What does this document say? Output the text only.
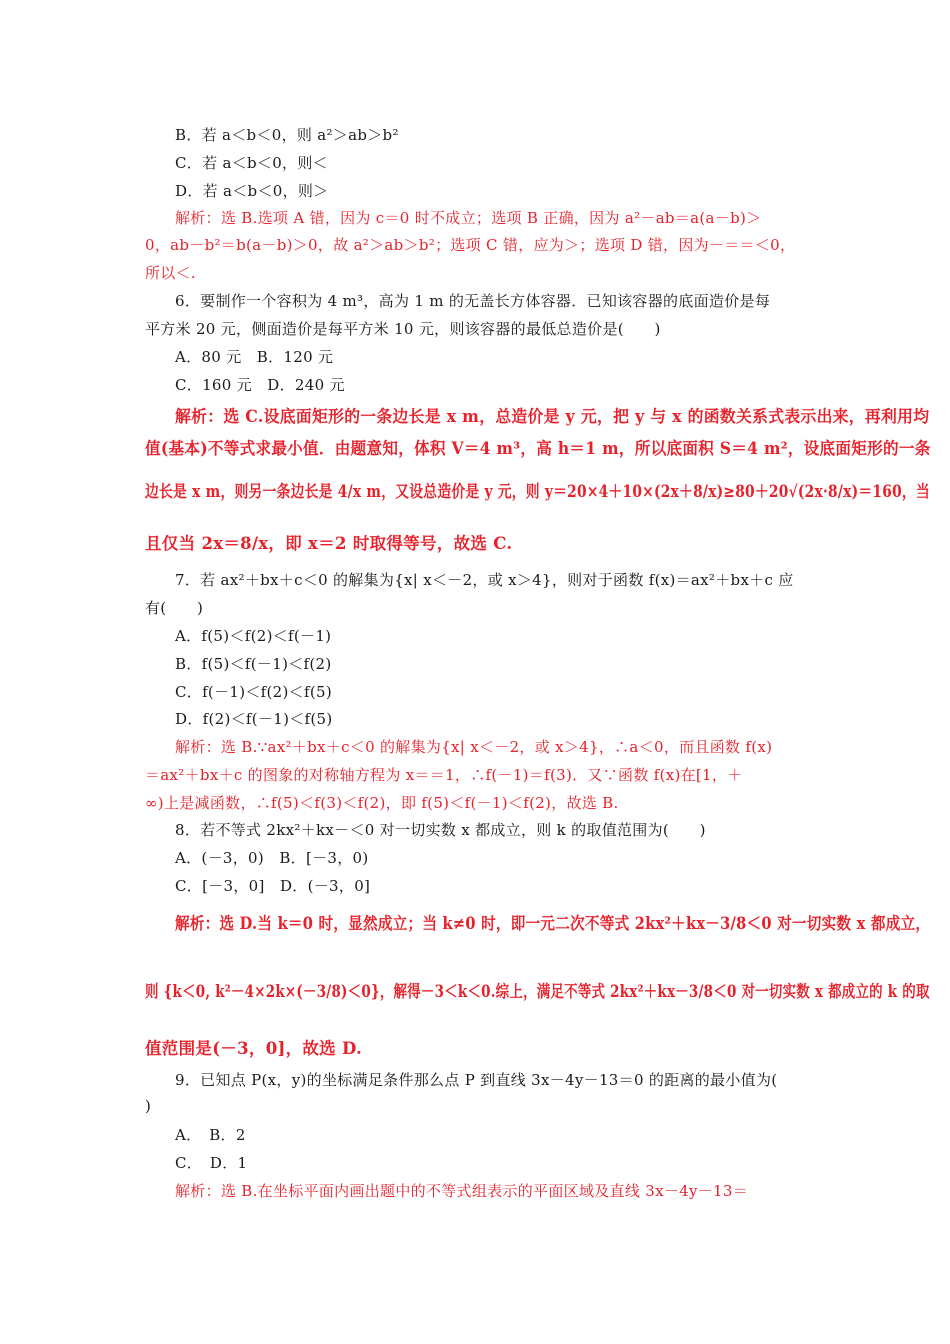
B．若 a＜b＜0，则 a²＞ab＞b²
C．若 a＜b＜0，则＜
D．若 a＜b＜0，则＞
解析：选 B.选项 A 错，因为 c＝0 时不成立；选项 B 正确，因为 a²－ab＝a(a－b)＞
0，ab－b²＝b(a－b)＞0，故 a²＞ab＞b²；选项 C 错，应为＞；选项 D 错，因为－＝＝＜0，
所以＜.
6．要制作一个容积为 4 m³，高为 1 m 的无盖长方体容器．已知该容器的底面造价是每
平方米 20 元，侧面造价是每平方米 10 元，则该容器的最低总造价是(　　)
A．80 元　B．120 元
C．160 元　D．240 元
解析：选 C.设底面矩形的一条边长是 x m，总造价是 y 元，把 y 与 x 的函数关系式表示出来，再利用均
值(基本)不等式求最小值．由题意知，体积 V＝4 m³，高 h＝1 m，所以底面积 S＝4 m²，设底面矩形的一条
边长是 x m，则另一条边长是 4/x m，又设总造价是 y 元，则 y＝20×4＋10×(2x＋8/x)≥80＋20√(2x·8/x)＝160，当
且仅当 2x＝8/x，即 x＝2 时取得等号，故选 C.
7．若 ax²＋bx＋c＜0 的解集为{x| x＜－2，或 x＞4}，则对于函数 f(x)＝ax²＋bx＋c 应
有(　　)
A．f(5)＜f(2)＜f(－1)
B．f(5)＜f(－1)＜f(2)
C．f(－1)＜f(2)＜f(5)
D．f(2)＜f(－1)＜f(5)
解析：选 B.∵ax²＋bx＋c＜0 的解集为{x| x＜－2，或 x＞4}，∴a＜0，而且函数 f(x)
＝ax²＋bx＋c 的图象的对称轴方程为 x＝＝1，∴f(－1)＝f(3)．又∵函数 f(x)在[1，＋
∞)上是减函数，∴f(5)＜f(3)＜f(2)，即 f(5)＜f(－1)＜f(2)，故选 B.
8．若不等式 2kx²＋kx－＜0 对一切实数 x 都成立，则 k 的取值范围为(　　)
A．(－3，0)　B．[－3，0)
C．[－3，0]　D．(－3，0]
解析：选 D.当 k＝0 时，显然成立；当 k≠0 时，即一元二次不等式 2kx²＋kx－3/8＜0 对一切实数 x 都成立，
则 {k＜0, k²－4×2k×(－3/8)＜0}，解得－3＜k＜0.综上，满足不等式 2kx²＋kx－3/8＜0 对一切实数 x 都成立的 k 的取
值范围是(－3，0]，故选 D.
9．已知点 P(x，y)的坐标满足条件那么点 P 到直线 3x－4y－13＝0 的距离的最小值为(
)
A．　B．2
C．　D．1
解析：选 B.在坐标平面内画出题中的不等式组表示的平面区域及直线 3x－4y－13＝
